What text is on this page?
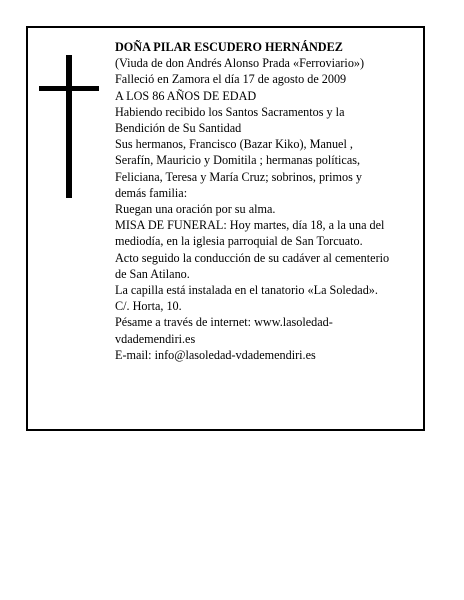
DOÑA PILAR ESCUDERO HERNÁNDEZ

(Viuda de don Andrés Alonso Prada «Ferroviario»)

Falleció en Zamora el día 17 de agosto de 2009

A LOS 86 AÑOS DE EDAD

Habiendo recibido los Santos Sacramentos y la

Bendición de Su Santidad

Sus hermanos, Francisco (Bazar Kiko), Manuel ,

Serafín, Mauricio y Domitila ; hermanas políticas,

Feliciana, Teresa y María Cruz; sobrinos, primos y

demás familia:

Ruegan una oración por su alma.

MISA DE FUNERAL: Hoy martes, día 18, a la una del

mediodía, en la iglesia parroquial de San Torcuato.

Acto seguido la conducción de su cadáver al cementerio

de San Atilano.

La capilla está instalada en el tanatorio «La Soledad».

C/. Horta, 10.

Pésame a través de internet: www.lasoledad-

vdademendiri.es

E-mail: info@lasoledad-vdademendiri.es
